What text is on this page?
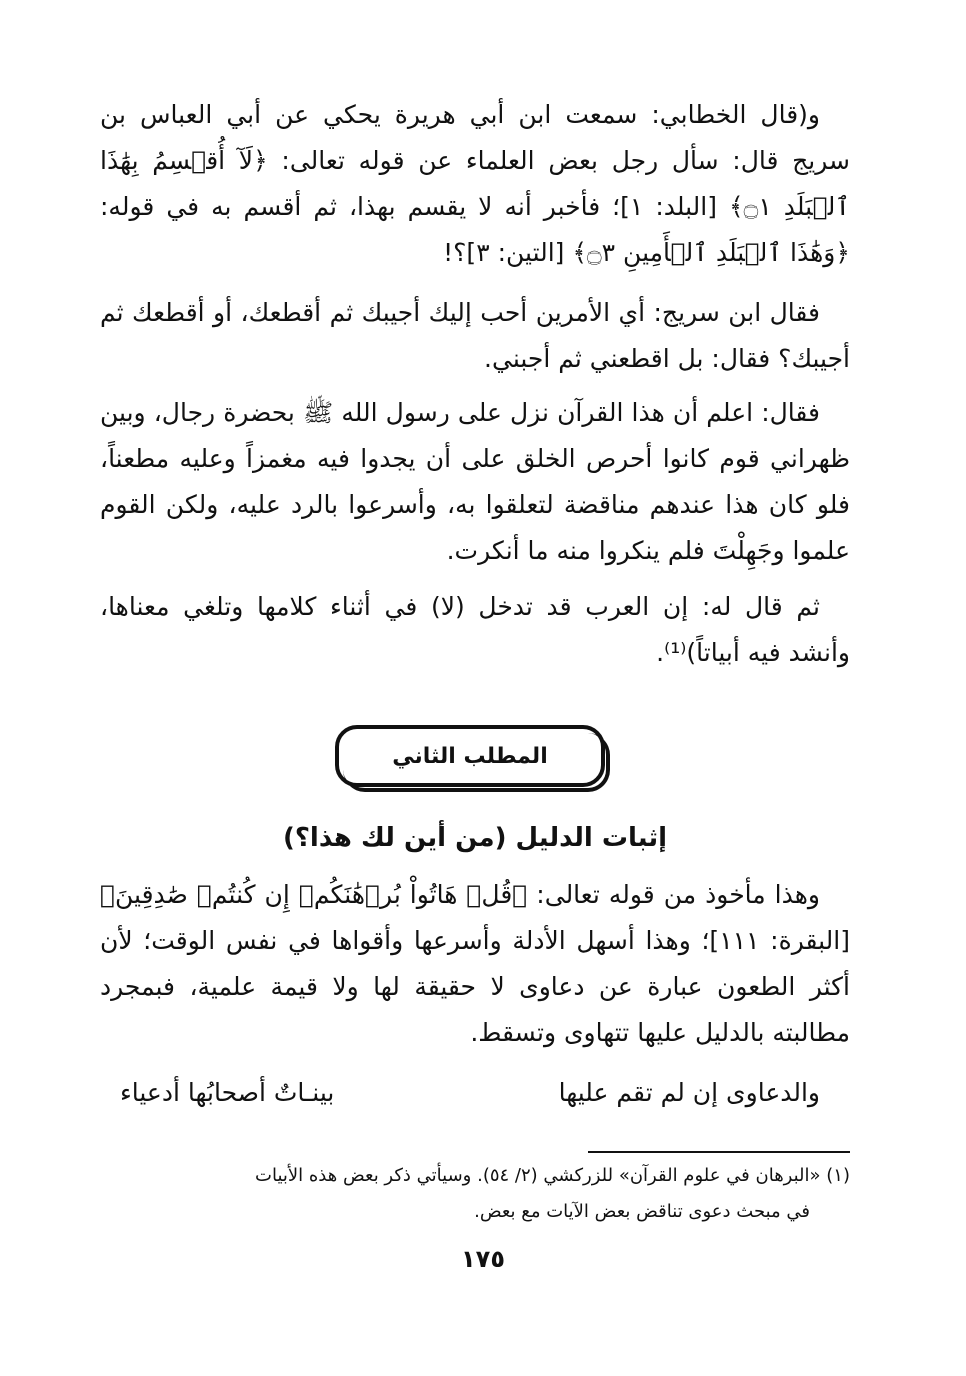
و(قال الخطابي: سمعت ابن أبي هريرة يحكي عن أبي العباس بن سريج قال: سأل رجل بعض العلماء عن قوله تعالى: ﴿لَآ أُقۡسِمُ بِهَٰذَا ٱلۡبَلَدِ ۝١﴾ [البلد: ١]؛ فأخبر أنه لا يقسم بهذا، ثم أقسم به في قوله: ﴿وَهَٰذَا ٱلۡبَلَدِ ٱلۡأَمِينِ ۝٣﴾ [التين: ٣]؟!

فقال ابن سريج: أي الأمرين أحب إليك أجيبك ثم أقطعك، أو أقطعك ثم أجيبك؟ فقال: بل اقطعني ثم أجبني.

فقال: اعلم أن هذا القرآن نزل على رسول الله ﷺ بحضرة رجال، وبين ظهراني قوم كانوا أحرص الخلق على أن يجدوا فيه مغمزاً وعليه مطعناً، فلو كان هذا عندهم مناقضة لتعلقوا به، وأسرعوا بالرد عليه، ولكن القوم علموا وجَهِلْتَ فلم ينكروا منه ما أنكرت.

ثم قال له: إن العرب قد تدخل (لا) في أثناء كلامها وتلغي معناها، وأنشد فيه أبياتاً)⁽¹⁾.

المطلب الثاني
إثبات الدليل (من أين لك هذا؟)

وهذا مأخوذ من قوله تعالى: ﴿قُلۡ هَاتُواْ بُرۡهَٰنَكُمۡ إِن كُنتُمۡ صَٰدِقِينَ﴾ [البقرة: ١١١]؛ وهذا أسهل الأدلة وأسرعها وأقواها في نفس الوقت؛ لأن أكثر الطعون عبارة عن دعاوى لا حقيقة لها ولا قيمة علمية، فبمجرد مطالبته بالدليل عليها تتهاوى وتسقط.

والدعاوى إن لم تقم عليها
بينـاتٌ أصحابُها أدعياء

(١) «البرهان في علوم القرآن» للزركشي (٢/ ٥٤). وسيأتي ذكر بعض هذه الأبيات

في مبحث دعوى تناقض بعض الآيات مع بعض.

١٧٥
